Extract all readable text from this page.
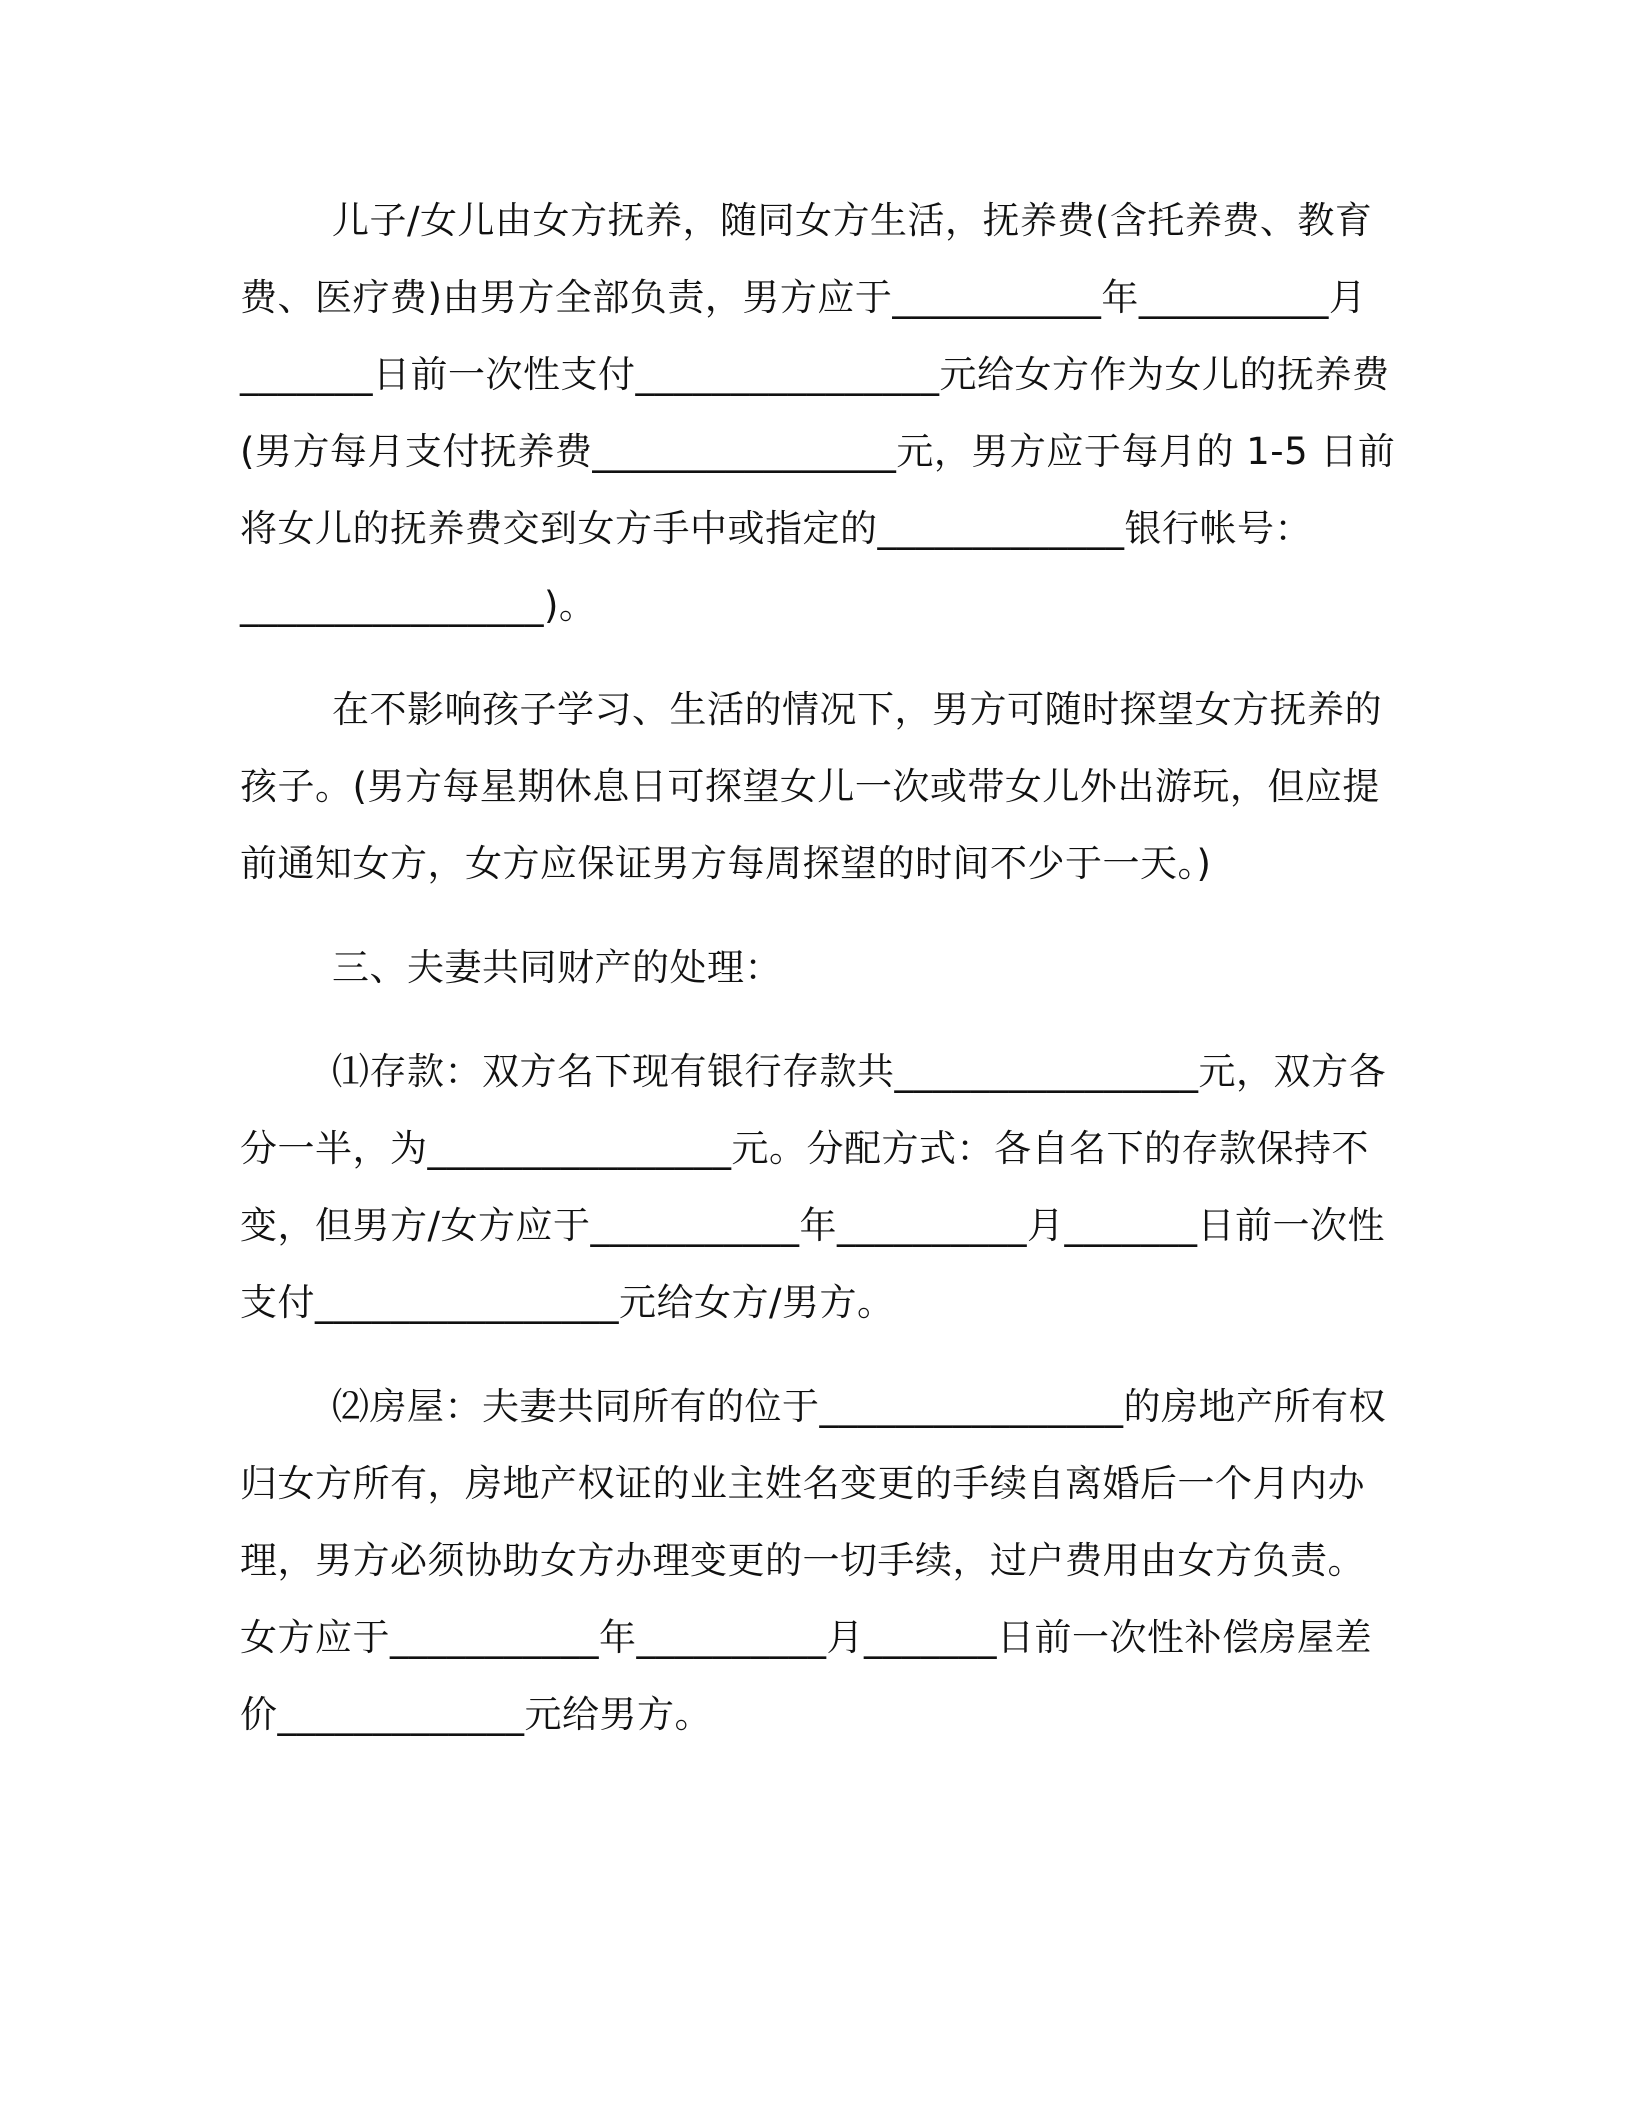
儿子/女儿由女方抚养，随同女方生活，抚养费(含托养费、教育
费、医疗费)由男方全部负责，男方应于___________年__________月
_______日前一次性支付________________元给女方作为女儿的抚养费
(男方每月支付抚养费________________元，男方应于每月的 1-5 日前
将女儿的抚养费交到女方手中或指定的_____________银行帐号：
________________)。
在不影响孩子学习、生活的情况下，男方可随时探望女方抚养的
孩子。(男方每星期休息日可探望女儿一次或带女儿外出游玩，但应提
前通知女方，女方应保证男方每周探望的时间不少于一天。)
三、夫妻共同财产的处理：
⑴存款：双方名下现有银行存款共________________元，双方各
分一半，为________________元。分配方式：各自名下的存款保持不
变，但男方/女方应于___________年__________月_______日前一次性
支付________________元给女方/男方。
⑵房屋：夫妻共同所有的位于________________的房地产所有权
归女方所有，房地产权证的业主姓名变更的手续自离婚后一个月内办
理，男方必须协助女方办理变更的一切手续，过户费用由女方负责。
女方应于___________年__________月_______日前一次性补偿房屋差
价_____________元给男方。
